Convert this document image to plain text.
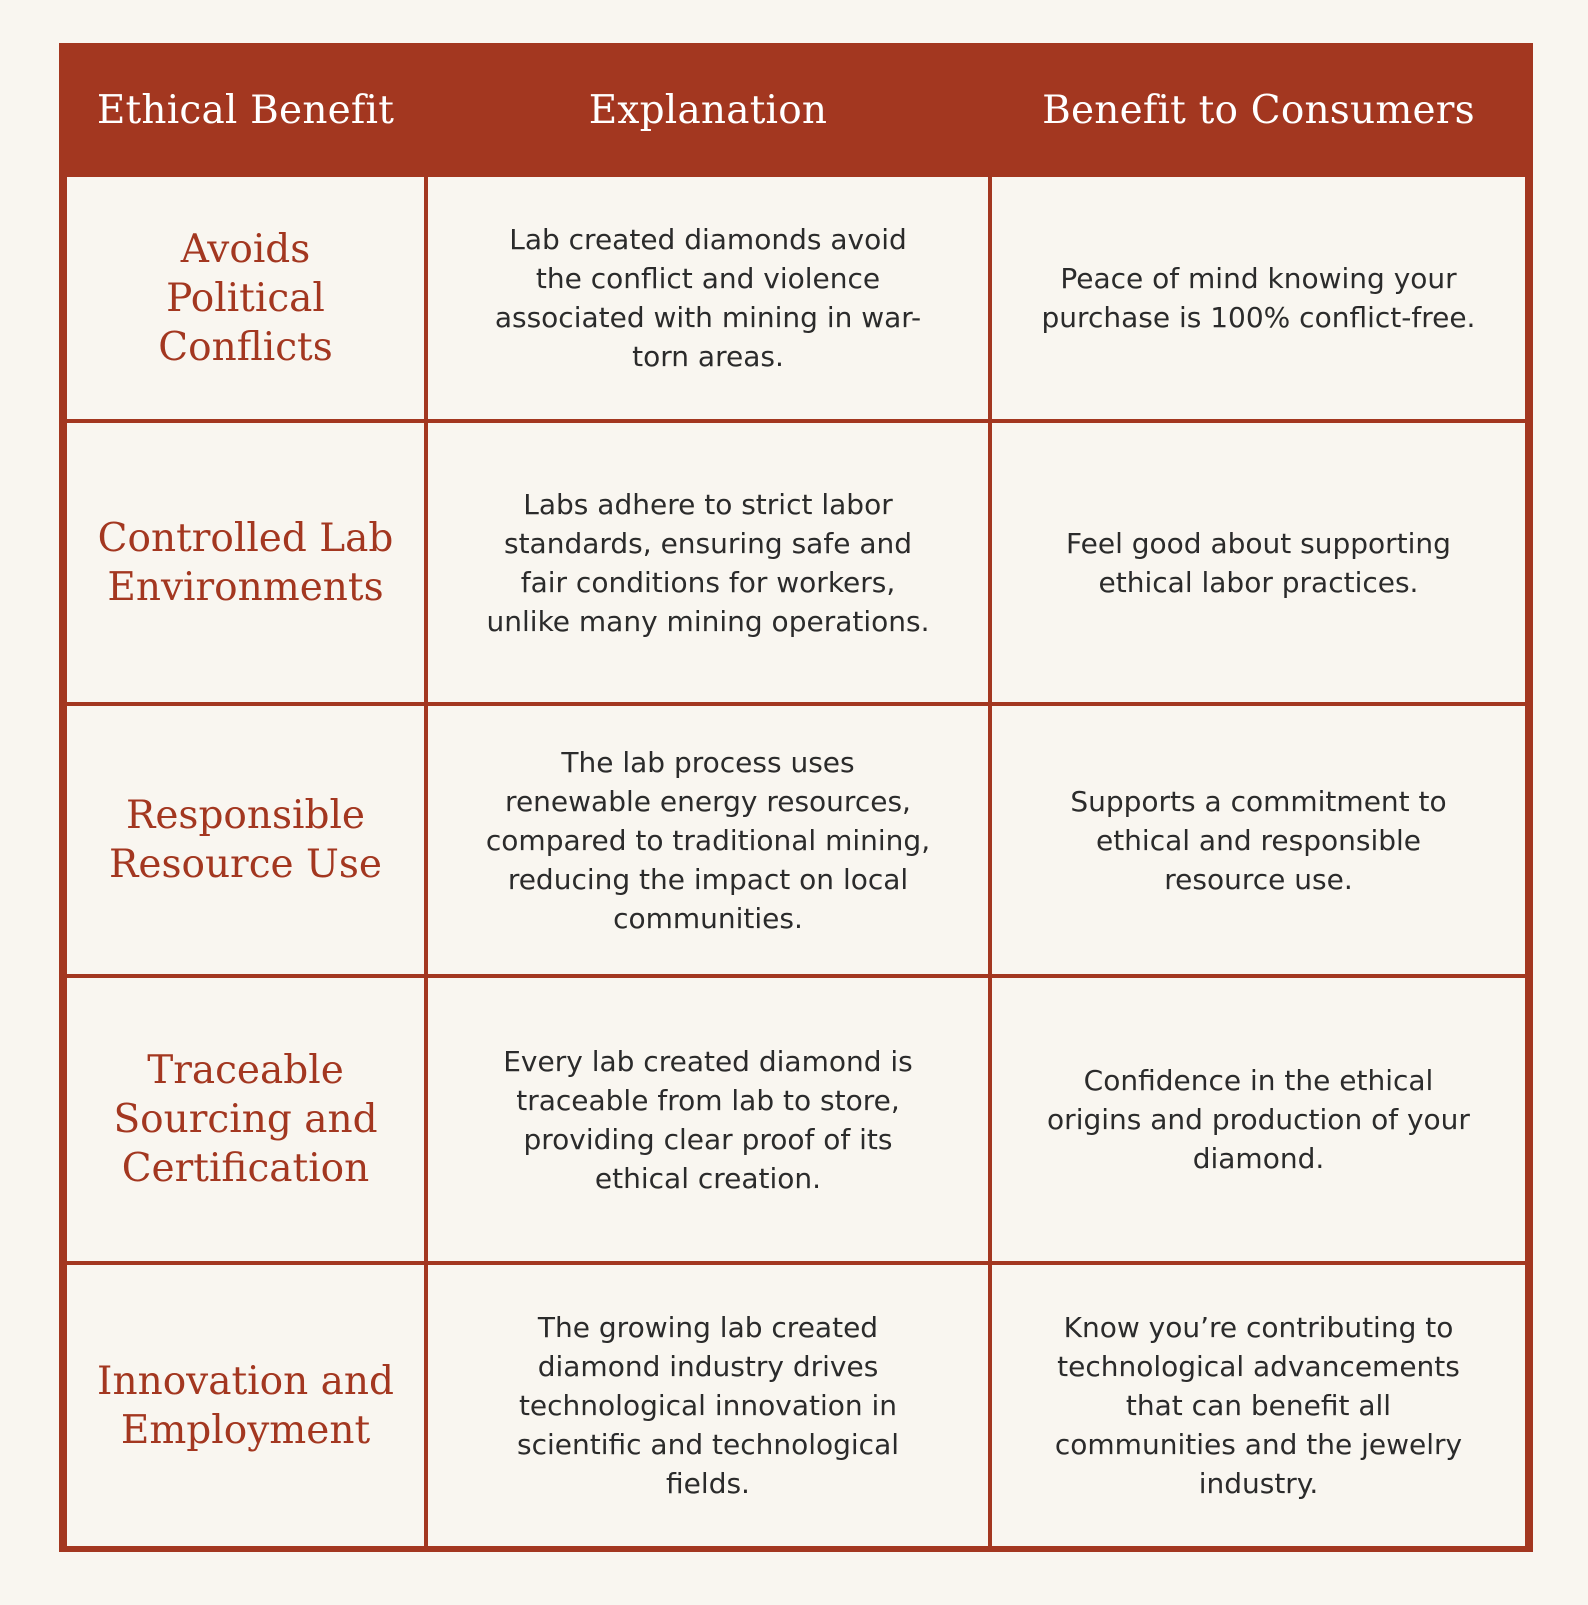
Ethical Benefit	Explanation	Benefit to Consumers
Avoids Political Conflicts	Lab created diamonds avoid the conflict and violence associated with mining in war-torn areas.	Peace of mind knowing your purchase is 100% conflict-free.
Controlled Lab Environments	Labs adhere to strict labor standards, ensuring safe and fair conditions for workers, unlike many mining operations.	Feel good about supporting ethical labor practices.
Responsible Resource Use	The lab process uses renewable energy resources, compared to traditional mining, reducing the impact on local communities.	Supports a commitment to ethical and responsible resource use.
Traceable Sourcing and Certification	Every lab created diamond is traceable from lab to store, providing clear proof of its ethical creation.	Confidence in the ethical origins and production of your diamond.
Innovation and Employment	The growing lab created diamond industry drives technological innovation in scientific and technological fields.	Know you’re contributing to technological advancements that can benefit all communities and the jewelry industry.
